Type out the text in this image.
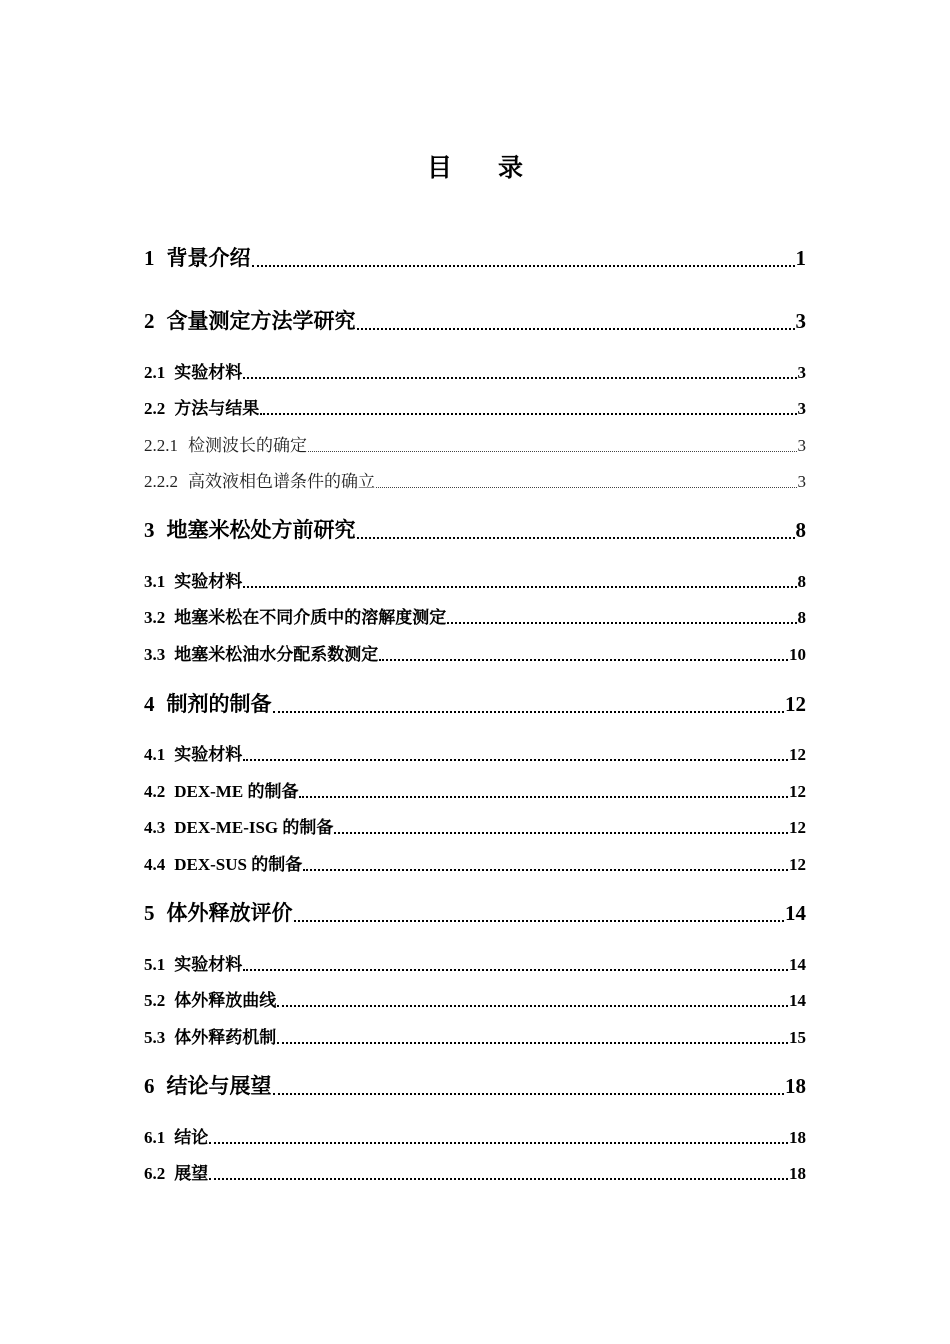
目 录
1 背景介绍	1
2 含量测定方法学研究	3
2.1 实验材料	3
2.2 方法与结果	3
2.2.1 检测波长的确定	3
2.2.2 高效液相色谱条件的确立	3
3 地塞米松处方前研究	8
3.1 实验材料	8
3.2 地塞米松在不同介质中的溶解度测定	8
3.3 地塞米松油水分配系数测定	10
4 制剂的制备	12
4.1 实验材料	12
4.2 DEX-ME 的制备	12
4.3 DEX-ME-ISG 的制备	12
4.4 DEX-SUS 的制备	12
5 体外释放评价	14
5.1 实验材料	14
5.2 体外释放曲线	14
5.3 体外释药机制	15
6 结论与展望	18
6.1 结论	18
6.2 展望	18
